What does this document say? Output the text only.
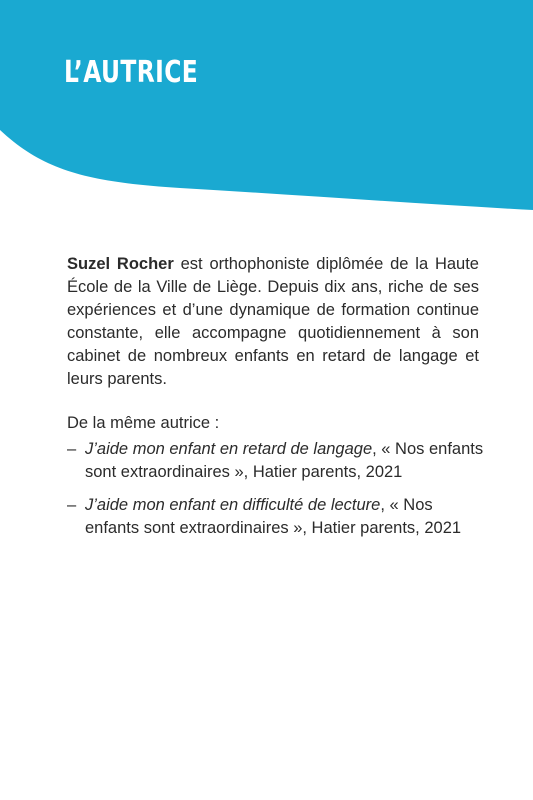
L’AUTRICE

Suzel Rocher est orthophoniste diplômée de la Haute École de la Ville de Liège. Depuis dix ans, riche de ses expériences et d’une dynamique de formation continue constante, elle accompagne quotidiennement à son cabinet de nombreux enfants en retard de langage et leurs parents.

De la même autrice :

– J’aide mon enfant en retard de langage, « Nos enfants sont extraordinaires », Hatier parents, 2021
– J’aide mon enfant en difficulté de lecture, « Nos enfants sont extraordinaires », Hatier parents, 2021
